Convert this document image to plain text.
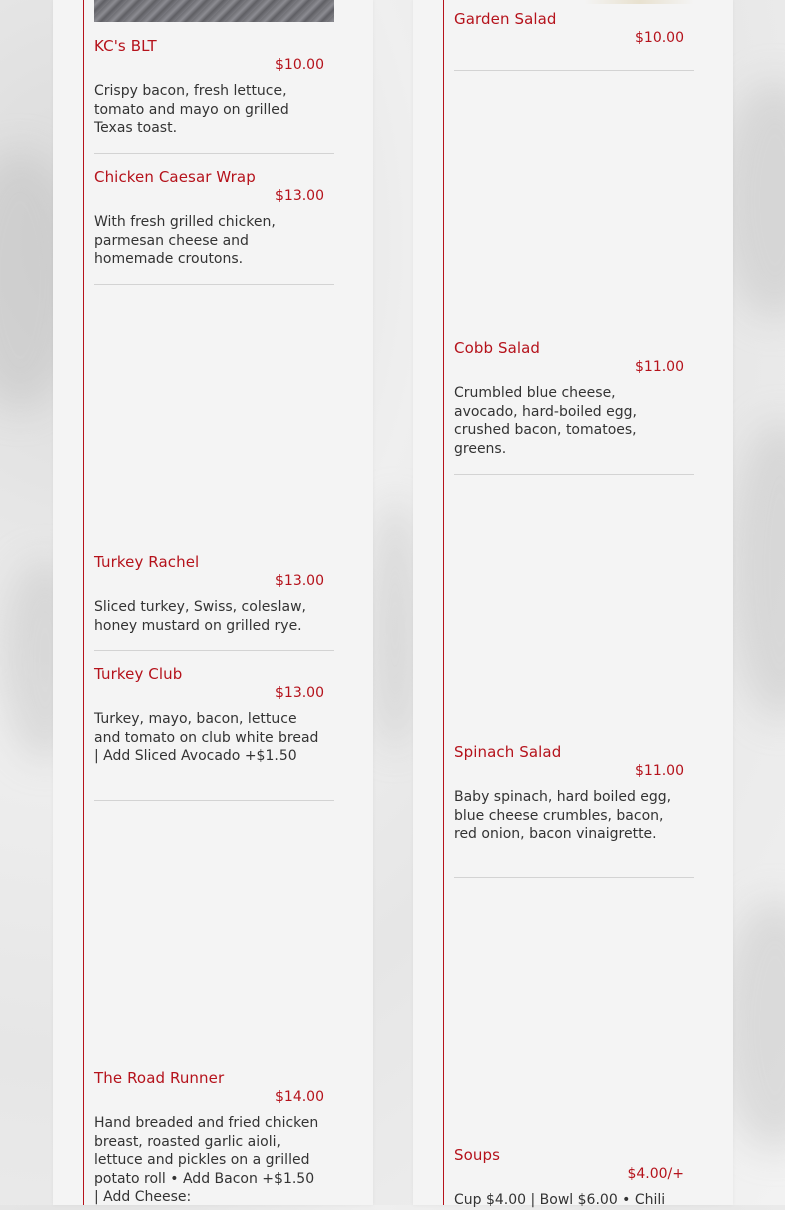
KC's BLT
$10.00
Crispy bacon, fresh lettuce, tomato and mayo on grilled Texas toast.
Chicken Caesar Wrap
$13.00
With fresh grilled chicken, parmesan cheese and homemade croutons.
Turkey Rachel
$13.00
Sliced turkey, Swiss, coleslaw, honey mustard on grilled rye.
Turkey Club
$13.00
Turkey, mayo, bacon, lettuce and tomato on club white bread | Add Sliced Avocado +$1.50
The Road Runner
$14.00
Hand breaded and fried chicken breast, roasted garlic aioli, lettuce and pickles on a grilled potato roll • Add Bacon +$1.50 | Add Cheese:
Garden Salad
$10.00
Cobb Salad
$11.00
Crumbled blue cheese, avocado, hard-boiled egg, crushed bacon, tomatoes, greens.
Spinach Salad
$11.00
Baby spinach, hard boiled egg, blue cheese crumbles, bacon, red onion, bacon vinaigrette.
Soups
$4.00/+
Cup $4.00 | Bowl $6.00 • Chili
